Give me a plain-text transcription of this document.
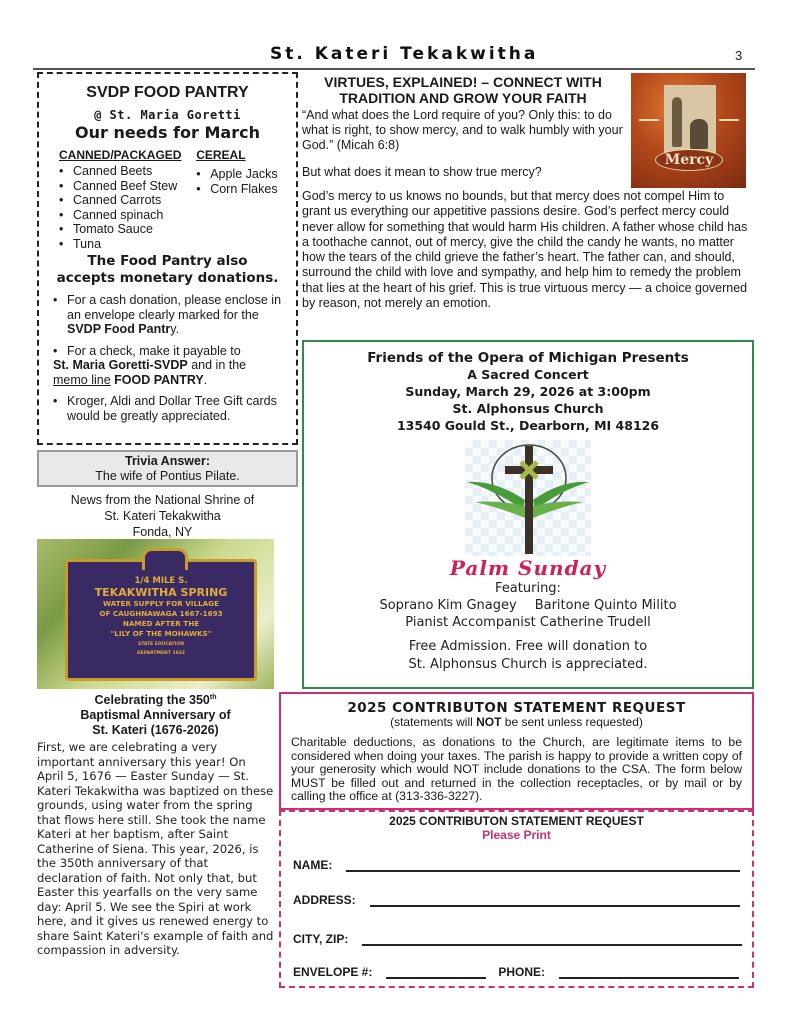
St. Kateri Tekakwitha	3
SVDP FOOD PANTRY
@ St. Maria Goretti
Our needs for March
CANNED/PACKAGED
• Canned Beets
• Canned Beef Stew
• Canned Carrots
• Canned spinach
• Tomato Sauce
• Tuna
CEREAL
• Apple Jacks
• Corn Flakes
The Food Pantry also
accepts monetary donations.
• For a cash donation, please enclose in an envelope clearly marked for the SVDP Food Pantry.
• For a check, make it payable to
St. Maria Goretti-SVDP and in the
memo line FOOD PANTRY.
• Kroger, Aldi and Dollar Tree Gift cards would be greatly appreciated.
Trivia Answer:
The wife of Pontius Pilate.
News from the National Shrine of
St. Kateri Tekakwitha
Fonda, NY
1/4 MILE S.
TEKAKWITHA SPRING
WATER SUPPLY FOR VILLAGE
OF CAUGHNAWAGA 1667-1693
NAMED AFTER THE
"LILY OF THE MOHAWKS"
STATE EDUCATION
DEPARTMENT 1932
Celebrating the 350th
Baptismal Anniversary of
St. Kateri (1676-2026)
First, we are celebrating a very important anniversary this year! On April 5, 1676 — Easter Sunday — St. Kateri Tekakwitha was baptized on these grounds, using water from the spring that flows here still. She took the name Kateri at her baptism, after Saint Catherine of Siena. This year, 2026, is the 350th anniversary of that declaration of faith. Not only that, but Easter this yearfalls on the very same day: April 5. We see the Spiri at work here, and it gives us renewed energy to share Saint Kateri's example of faith and compassion in adversity.
VIRTUES, EXPLAINED! – CONNECT WITH TRADITION AND GROW YOUR FAITH
“And what does the Lord require of you? Only this: to do what is right, to show mercy, and to walk humbly with your God.” (Micah 6:8)
But what does it mean to show true mercy?
God’s mercy to us knows no bounds, but that mercy does not compel Him to grant us everything our appetitive passions desire. God’s perfect mercy could never allow for something that would harm His children. A father whose child has a toothache cannot, out of mercy, give the child the candy he wants, no matter how the tears of the child grieve the father’s heart. The father can, and should, surround the child with love and sympathy, and help him to remedy the problem that lies at the heart of his grief. This is true virtuous mercy — a choice governed by reason, not merely an emotion.
Mercy
Friends of the Opera of Michigan Presents
A Sacred Concert
Sunday, March 29, 2026 at 3:00pm
St. Alphonsus Church
13540 Gould St., Dearborn, MI 48126
Palm Sunday
Featuring:
Soprano Kim Gnagey Baritone Quinto Milito
Pianist Accompanist Catherine Trudell
Free Admission. Free will donation to
St. Alphonsus Church is appreciated.
2025 CONTRIBUTON STATEMENT REQUEST
(statements will NOT be sent unless requested)
Charitable deductions, as donations to the Church, are legitimate items to be considered when doing your taxes. The parish is happy to provide a written copy of your generosity which would NOT include donations to the CSA. The form below MUST be filled out and returned in the collection receptacles, or by mail or by calling the office at (313-336-3227).
2025 CONTRIBUTON STATEMENT REQUEST
Please Print
NAME:
ADDRESS:
CITY, ZIP:
ENVELOPE #:	PHONE:
